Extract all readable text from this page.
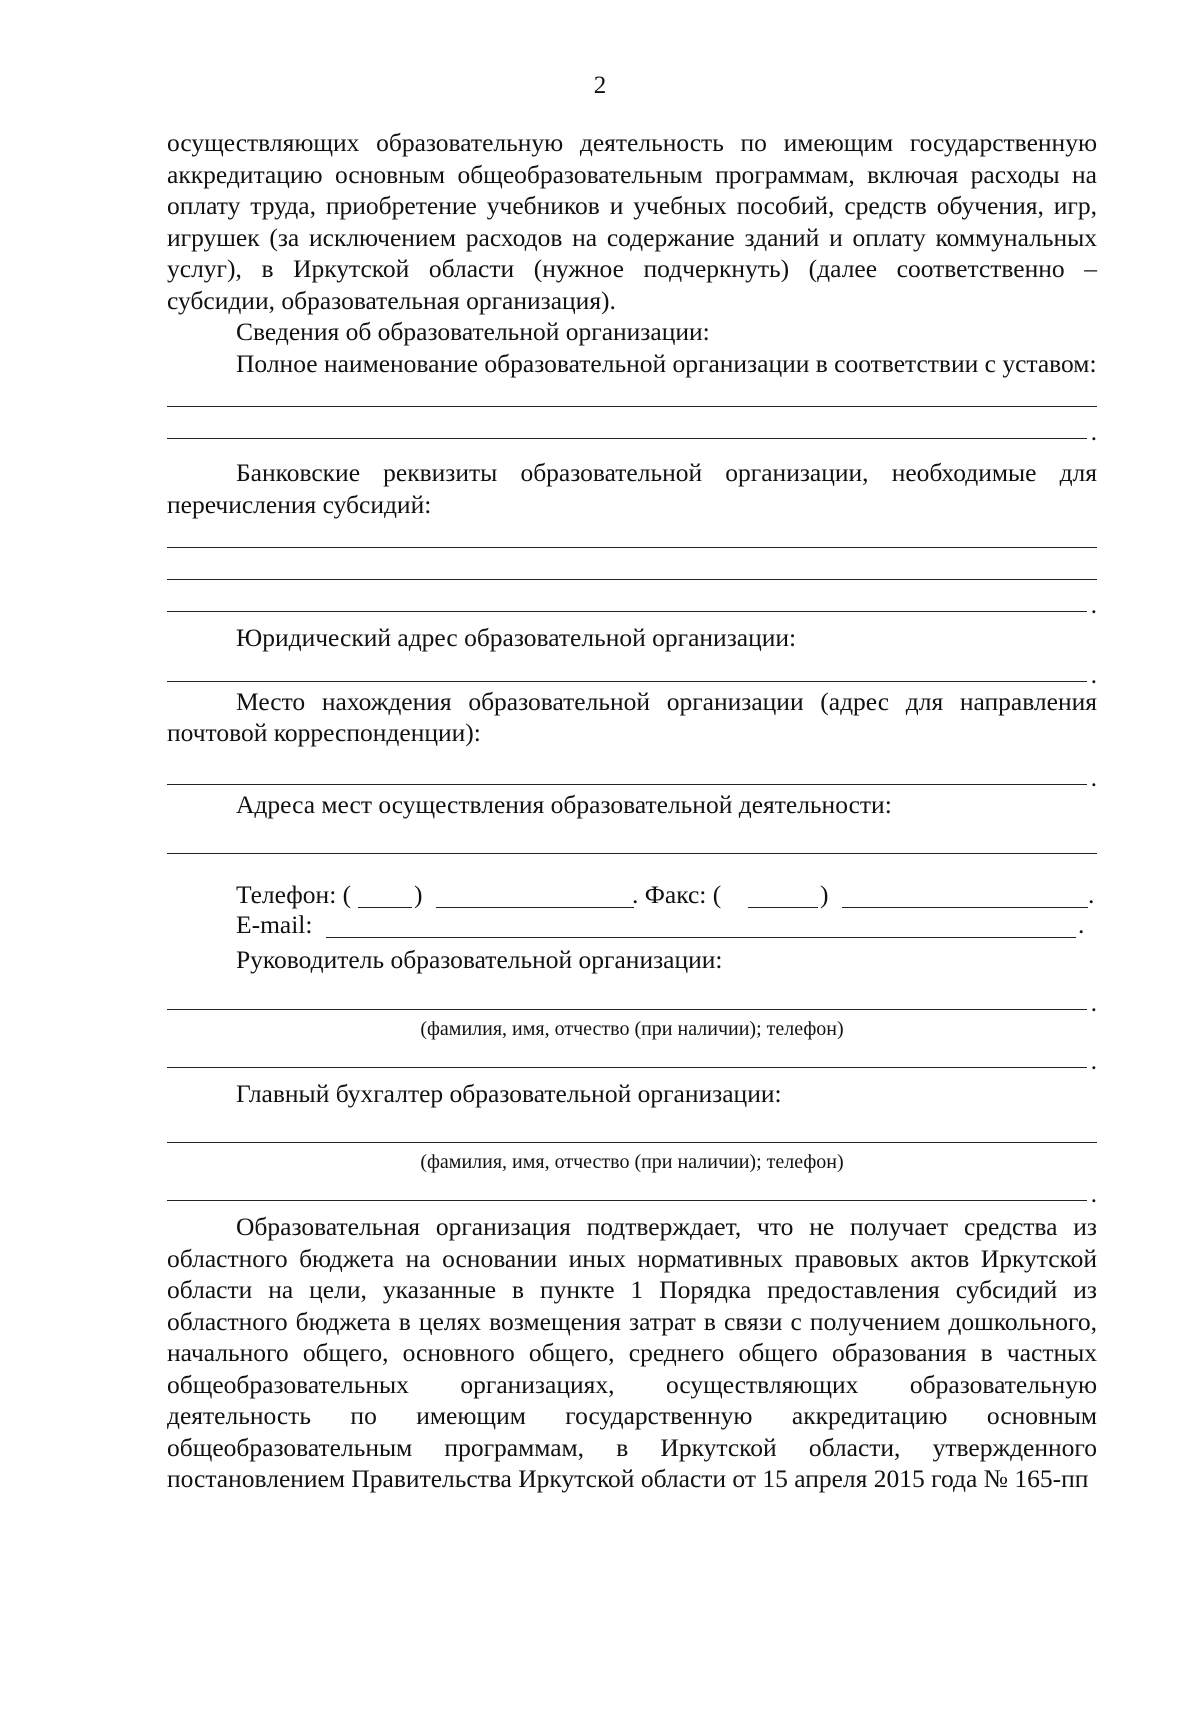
2

осуществляющих образовательную деятельность по имеющим государственную аккредитацию основным общеобразовательным программам, включая расходы на оплату труда, приобретение учебников и учебных пособий, средств обучения, игр, игрушек (за исключением расходов на содержание зданий и оплату коммунальных услуг), в Иркутской области (нужное подчеркнуть) (далее соответственно – субсидии, образовательная организация).

Сведения об образовательной организации:

Полное наименование образовательной организации в соответствии с уставом:

.

Банковские реквизиты образовательной организации, необходимые для перечисления субсидий:

.

Юридический адрес образовательной организации:

.

Место нахождения образовательной организации (адрес для направления почтовой корреспонденции):

.

Адреса мест осуществления образовательной деятельности:

Телефон: ( )	. Факс: (	)	.
E-mail:	.

Руководитель образовательной организации:

.
(фамилия, имя, отчество (при наличии); телефон)
.

Главный бухгалтер образовательной организации:

(фамилия, имя, отчество (при наличии); телефон)
.

Образовательная организация подтверждает, что не получает средства из областного бюджета на основании иных нормативных правовых актов Иркутской области на цели, указанные в пункте 1 Порядка предоставления субсидий из областного бюджета в целях возмещения затрат в связи с получением дошкольного, начального общего, основного общего, среднего общего образования в частных общеобразовательных организациях, осуществляющих образовательную деятельность по имеющим государственную аккредитацию основным общеобразовательным программам, в Иркутской области, утвержденного постановлением Правительства Иркутской области от 15 апреля 2015 года № 165-пп
